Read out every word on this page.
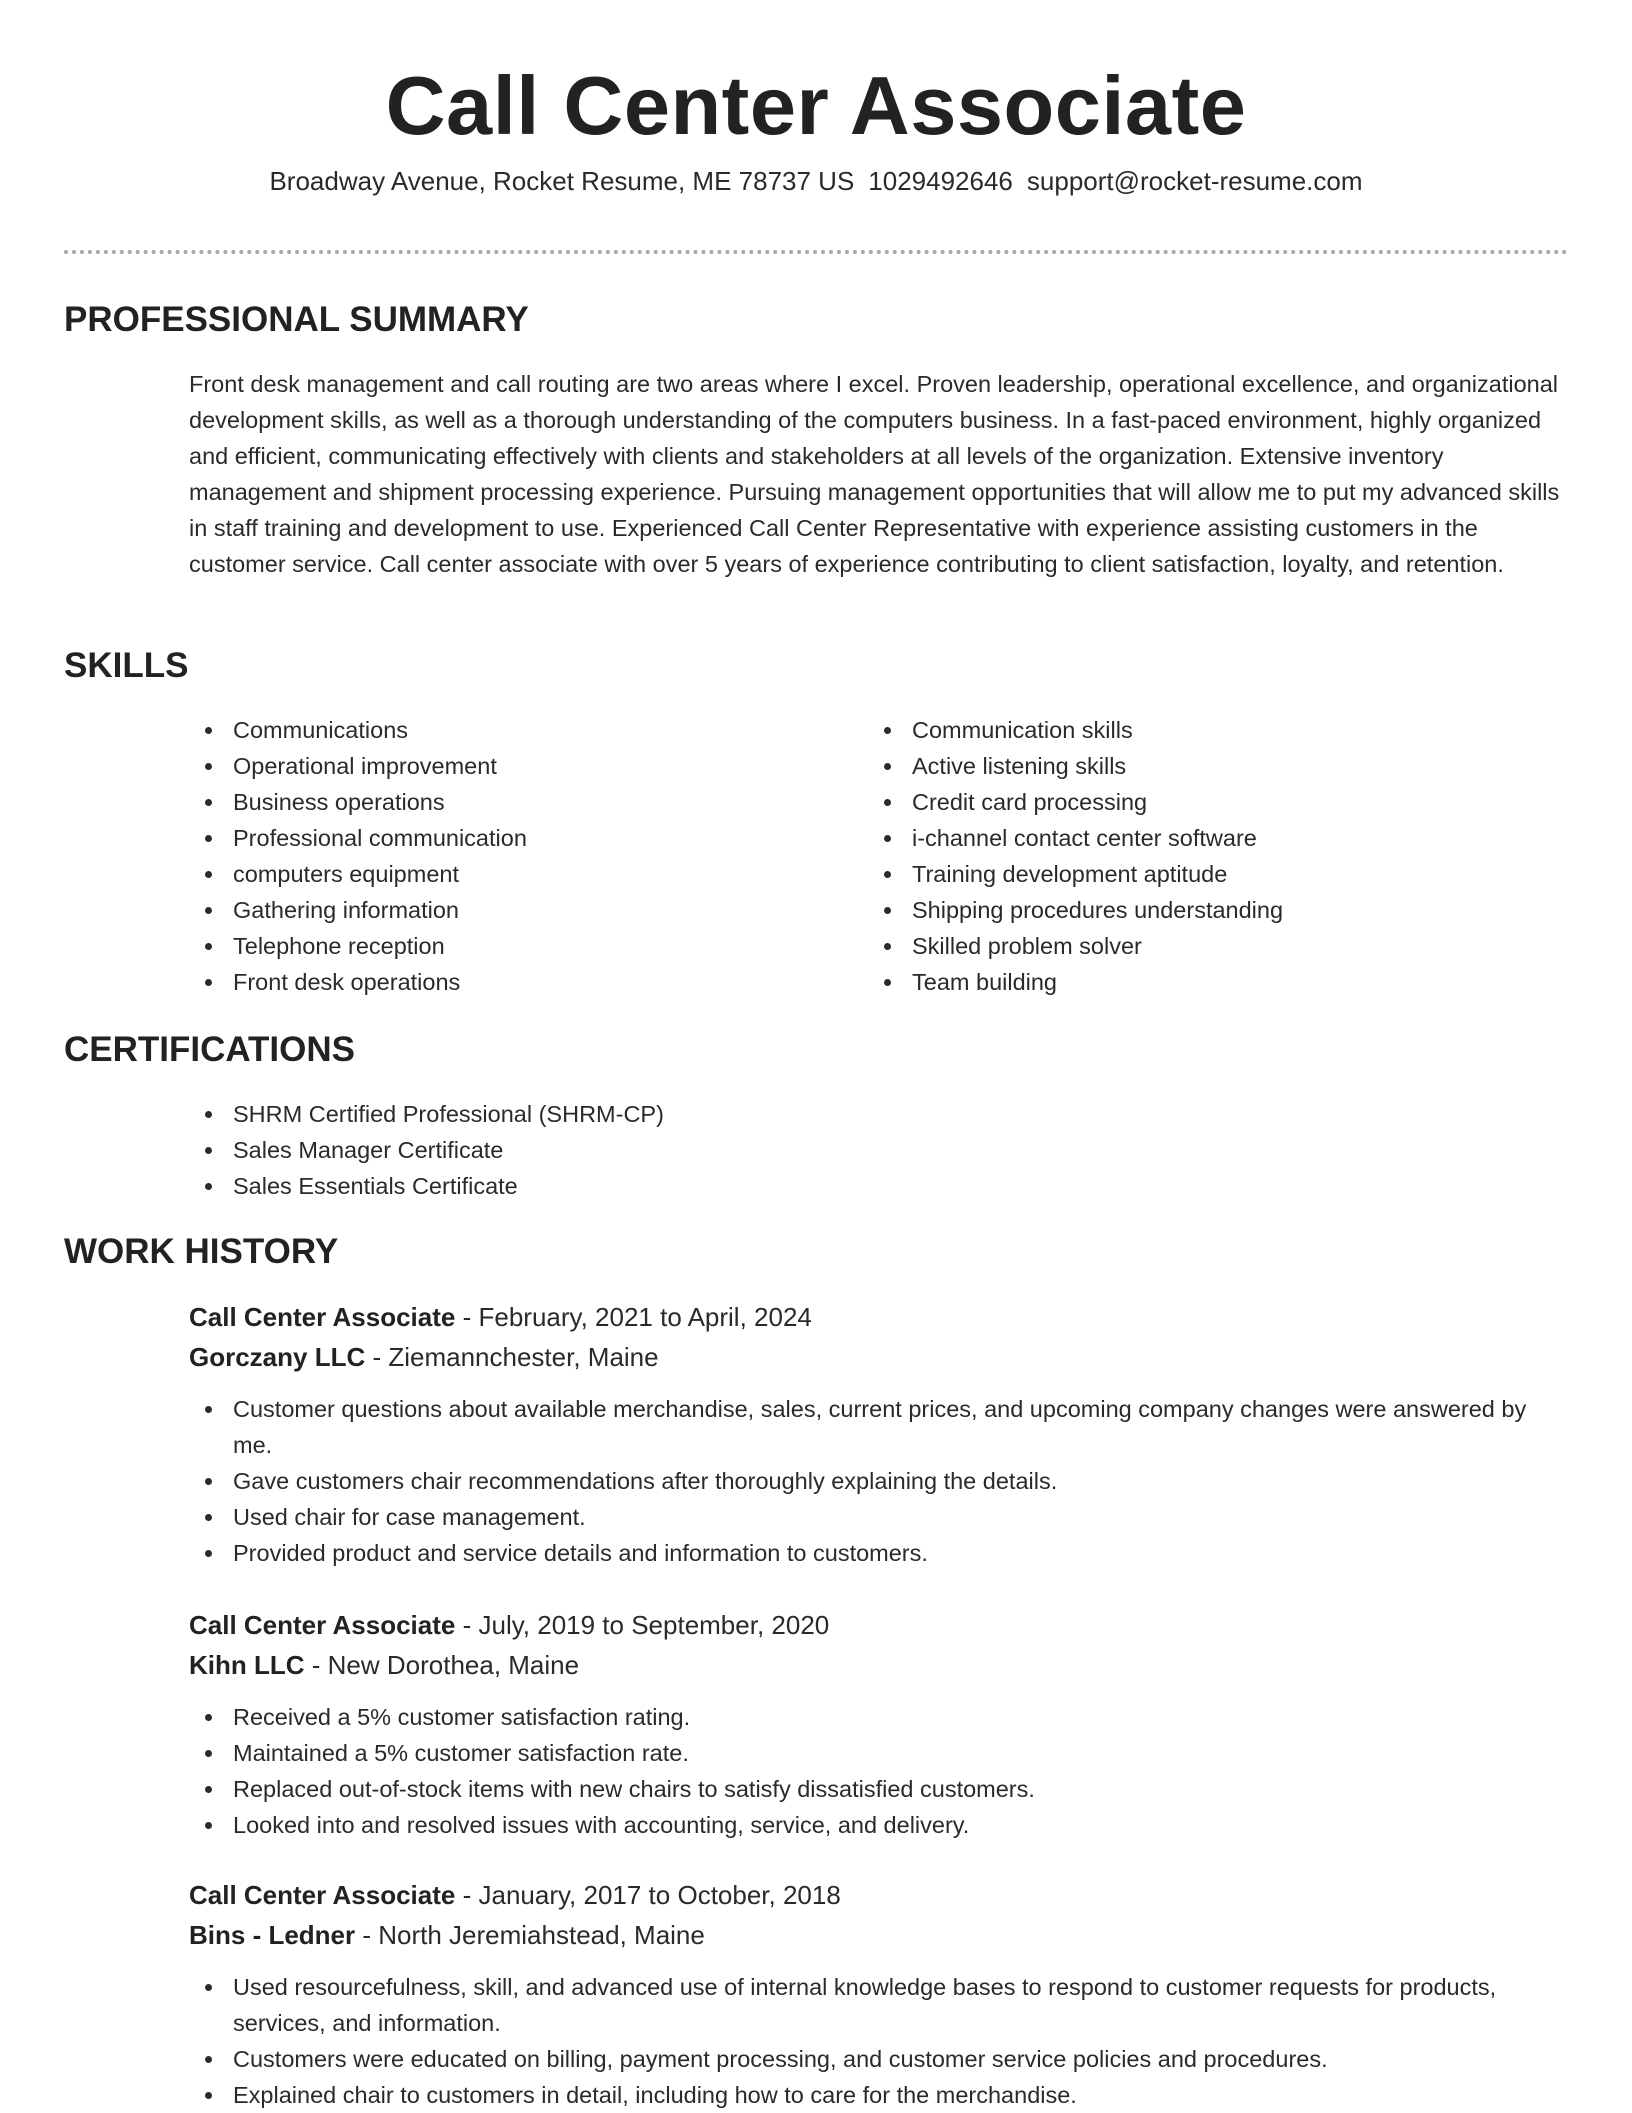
Call Center Associate

Broadway Avenue, Rocket Resume, ME 78737 US 1029492646 support@rocket-resume.com

PROFESSIONAL SUMMARY

Front desk management and call routing are two areas where I excel. Proven leadership, operational excellence, and organizational development skills, as well as a thorough understanding of the computers business. In a fast-paced environment, highly organized and efficient, communicating effectively with clients and stakeholders at all levels of the organization. Extensive inventory management and shipment processing experience. Pursuing management opportunities that will allow me to put my advanced skills in staff training and development to use. Experienced Call Center Representative with experience assisting customers in the customer service. Call center associate with over 5 years of experience contributing to client satisfaction, loyalty, and retention.

SKILLS
Communications
Operational improvement
Business operations
Professional communication
computers equipment
Gathering information
Telephone reception
Front desk operations
Communication skills
Active listening skills
Credit card processing
i-channel contact center software
Training development aptitude
Shipping procedures understanding
Skilled problem solver
Team building
CERTIFICATIONS
SHRM Certified Professional (SHRM-CP)
Sales Manager Certificate
Sales Essentials Certificate
WORK HISTORY

Call Center Associate - February, 2021 to April, 2024

Gorczany LLC - Ziemannchester, Maine

Customer questions about available merchandise, sales, current prices, and upcoming company changes were answered by me.
Gave customers chair recommendations after thoroughly explaining the details.
Used chair for case management.
Provided product and service details and information to customers.

Call Center Associate - July, 2019 to September, 2020

Kihn LLC - New Dorothea, Maine

Received a 5% customer satisfaction rating.
Maintained a 5% customer satisfaction rate.
Replaced out-of-stock items with new chairs to satisfy dissatisfied customers.
Looked into and resolved issues with accounting, service, and delivery.

Call Center Associate - January, 2017 to October, 2018

Bins - Ledner - North Jeremiahstead, Maine

Used resourcefulness, skill, and advanced use of internal knowledge bases to respond to customer requests for products, services, and information.
Customers were educated on billing, payment processing, and customer service policies and procedures.
Explained chair to customers in detail, including how to care for the merchandise.
